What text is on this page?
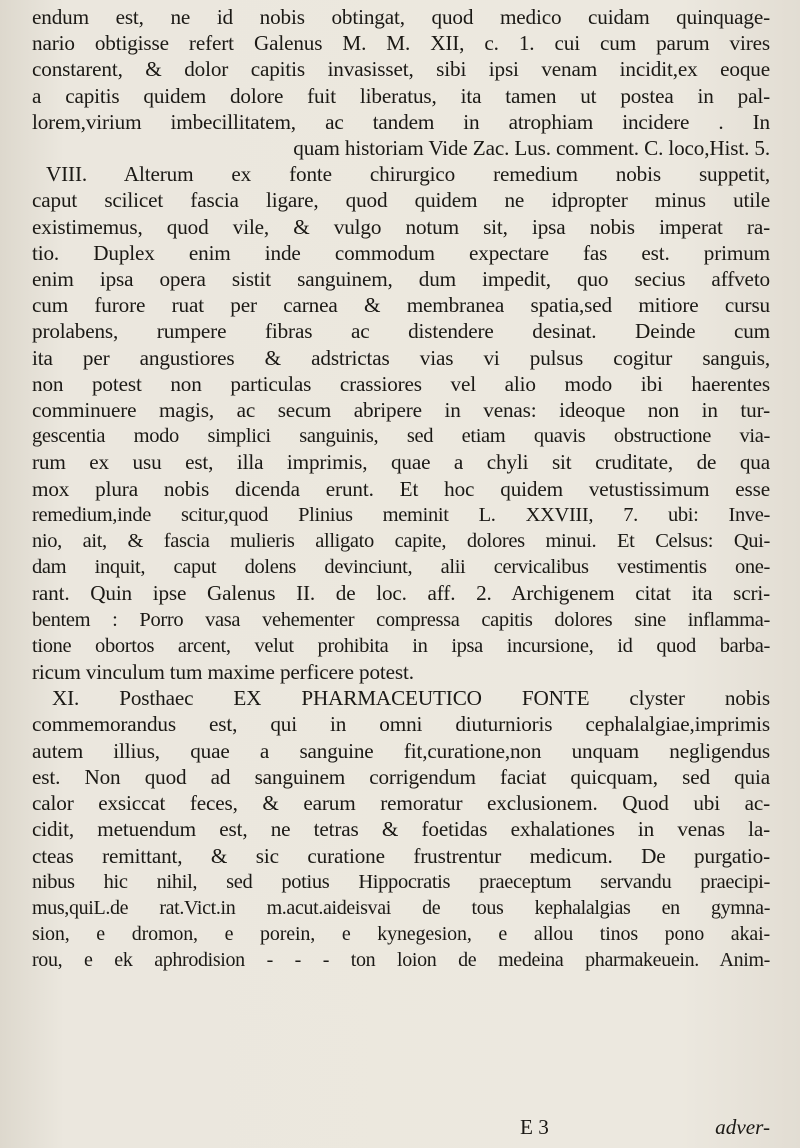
endum est, ne id nobis obtingat, quod medico cuidam quinquage-
nario obtigisse refert Galenus M. M. XII, c. 1. cui cum parum vires
constarent, & dolor capitis invasisset, sibi ipsi venam incidit,ex eoque
a capitis quidem dolore fuit liberatus, ita tamen ut postea in pal-
lorem,virium imbecillitatem, ac tandem in atrophiam incidere . In
quam historiam Vide Zac. Lus. comment. C. loco,Hist. 5.
VIII. Alterum ex fonte chirurgico remedium nobis suppetit,
caput scilicet fascia ligare, quod quidem ne idpropter minus utile
existimemus, quod vile, & vulgo notum sit, ipsa nobis imperat ra-
tio. Duplex enim inde commodum expectare fas est. primum
enim ipsa opera sistit sanguinem, dum impedit, quo secius affveto
cum furore ruat per carnea & membranea spatia,sed mitiore cursu
prolabens, rumpere fibras ac distendere desinat. Deinde cum
ita per angustiores & adstrictas vias vi pulsus cogitur sanguis,
non potest non particulas crassiores vel alio modo ibi haerentes
comminuere magis, ac secum abripere in venas: ideoque non in tur-
gescentia modo simplici sanguinis, sed etiam quavis obstructione via-
rum ex usu est, illa imprimis, quae a chyli sit cruditate, de qua
mox plura nobis dicenda erunt. Et hoc quidem vetustissimum esse
remedium,inde scitur,quod Plinius meminit L. XXVIII, 7. ubi: Inve-
nio, ait, & fascia mulieris alligato capite, dolores minui. Et Celsus: Qui-
dam inquit, caput dolens devinciunt, alii cervicalibus vestimentis one-
rant. Quin ipse Galenus II. de loc. aff. 2. Archigenem citat ita scri-
bentem : Porro vasa vehementer compressa capitis dolores sine inflamma-
tione obortos arcent, velut prohibita in ipsa incursione, id quod barba-
ricum vinculum tum maxime perficere potest.
XI. Posthaec EX PHARMACEUTICO FONTE clyster nobis
commemorandus est, qui in omni diuturnioris cephalalgiae,imprimis
autem illius, quae a sanguine fit,curatione,non unquam negligendus
est. Non quod ad sanguinem corrigendum faciat quicquam, sed quia
calor exsiccat feces, & earum remoratur exclusionem. Quod ubi ac-
cidit, metuendum est, ne tetras & foetidas exhalationes in venas la-
cteas remittant, & sic curatione frustrentur medicum. De purgatio-
nibus hic nihil, sed potius Hippocratis praeceptum servandu praecipi-
mus,quiL.de rat.Vict.in m.acut.aideisvai de tous kephalalgias en gymna-
sion, e dromon, e porein, e kynegesion, e allou tinos pono akai-
rou, e ek aphrodision - - - ton loion de medeina pharmakeuein. Anim-
E 3	adver-
